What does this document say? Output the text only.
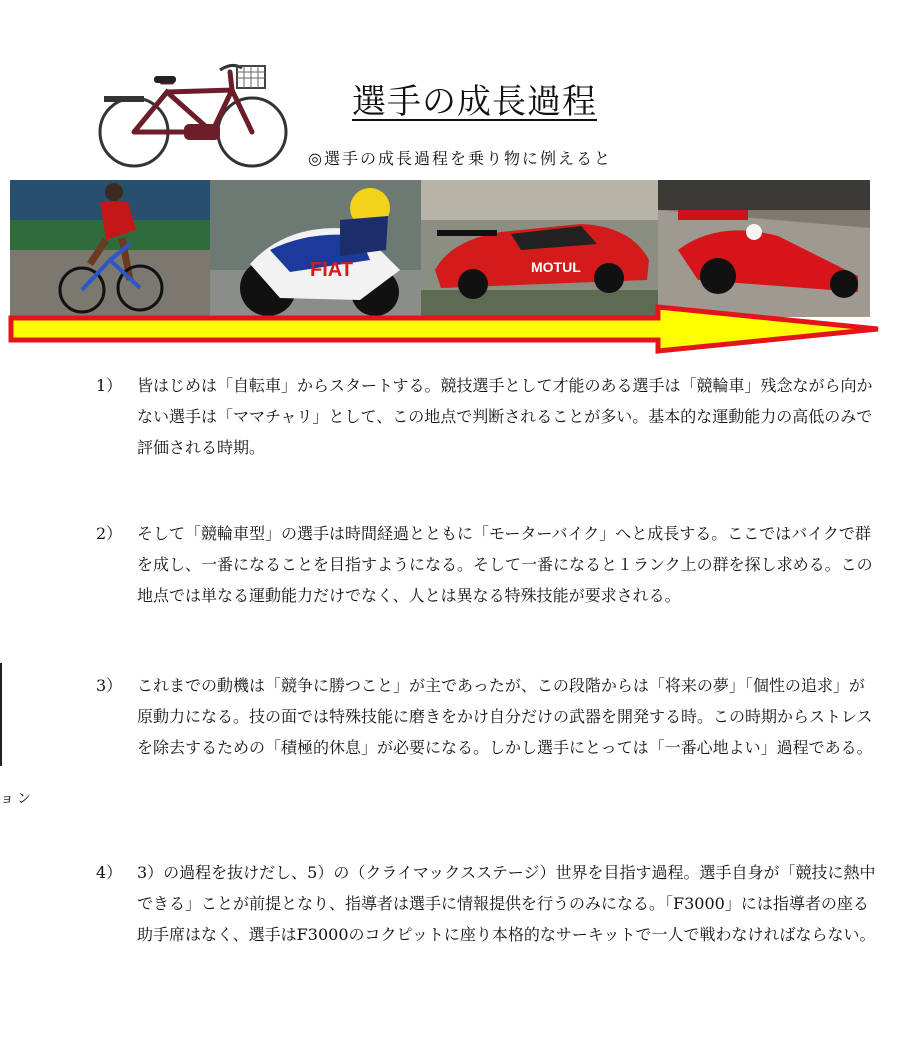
選手の成長過程
◎選手の成長過程を乗り物に例えると
FIAT	MOTUL
ョン
1） 皆はじめは「自転車」からスタートする。競技選手として才能のある選手は「競輪車」残念ながら向かない選手は「ママチャリ」として、この地点で判断されることが多い。基本的な運動能力の高低のみで評価される時期。
2） そして「競輪車型」の選手は時間経過とともに「モーターバイク」へと成長する。ここではバイクで群を成し、一番になることを目指すようになる。そして一番になると１ランク上の群を探し求める。この地点では単なる運動能力だけでなく、人とは異なる特殊技能が要求される。
3） これまでの動機は「競争に勝つこと」が主であったが、この段階からは「将来の夢」「個性の追求」が原動力になる。技の面では特殊技能に磨きをかけ自分だけの武器を開発する時。この時期からストレスを除去するための「積極的休息」が必要になる。しかし選手にとっては「一番心地よい」過程である。
4） 3）の過程を抜けだし、5）の（クライマックスステージ）世界を目指す過程。選手自身が「競技に熱中できる」ことが前提となり、指導者は選手に情報提供を行うのみになる。「F3000」には指導者の座る助手席はなく、選手はF3000のコクピットに座り本格的なサーキットで一人で戦わなければならない。
